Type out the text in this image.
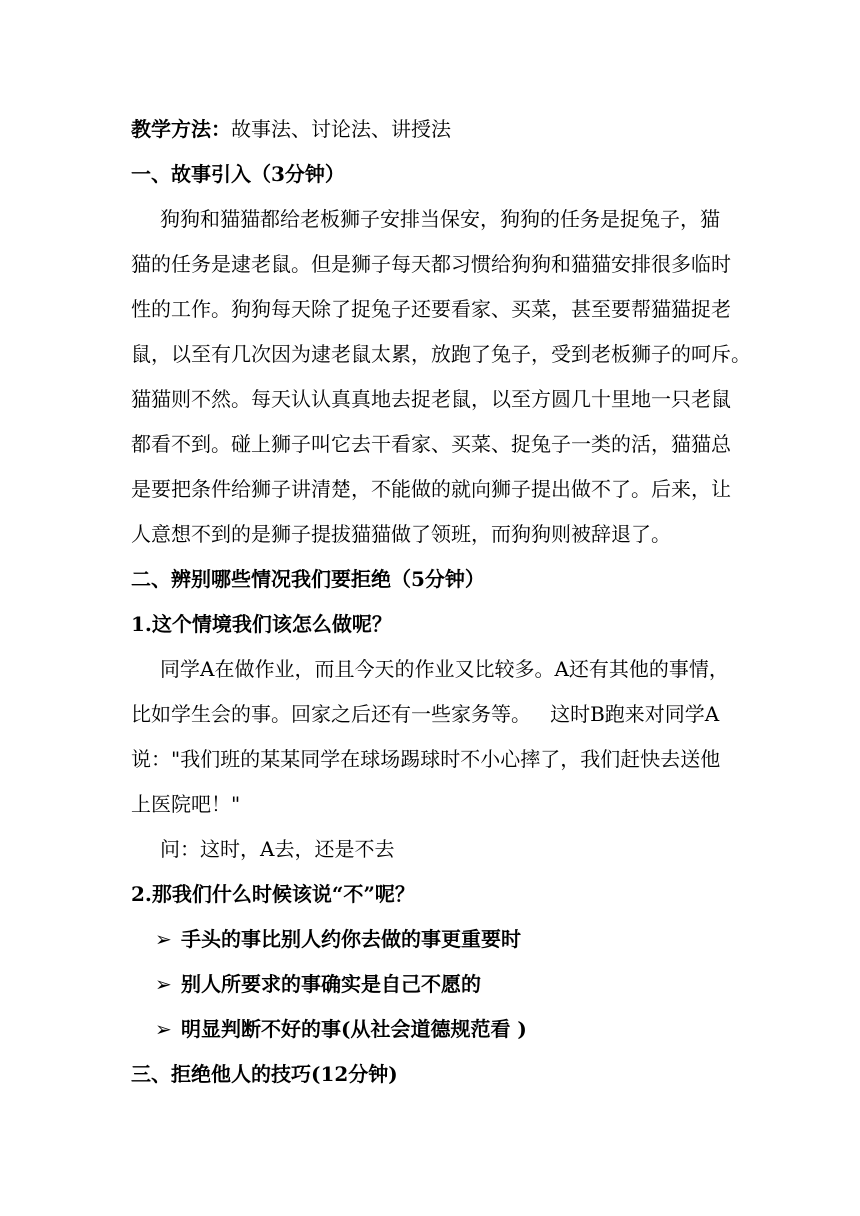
教学方法：故事法、讨论法、讲授法
一、故事引入（3分钟）
狗狗和猫猫都给老板狮子安排当保安，狗狗的任务是捉兔子，猫
猫的任务是逮老鼠。但是狮子每天都习惯给狗狗和猫猫安排很多临时
性的工作。狗狗每天除了捉兔子还要看家、买菜，甚至要帮猫猫捉老
鼠，以至有几次因为逮老鼠太累，放跑了兔子，受到老板狮子的呵斥。
猫猫则不然。每天认认真真地去捉老鼠，以至方圆几十里地一只老鼠
都看不到。碰上狮子叫它去干看家、买菜、捉兔子一类的活，猫猫总
是要把条件给狮子讲清楚，不能做的就向狮子提出做不了。后来，让
人意想不到的是狮子提拔猫猫做了领班，而狗狗则被辞退了。
二、辨别哪些情况我们要拒绝（5分钟）
1.这个情境我们该怎么做呢？
同学A在做作业，而且今天的作业又比较多。A还有其他的事情，
比如学生会的事。回家之后还有一些家务等。   这时B跑来对同学A
说："我们班的某某同学在球场踢球时不小心摔了，我们赶快去送他
上医院吧！"
问：这时，A去，还是不去
2.那我们什么时候该说“不”呢？
➢ 手头的事比别人约你去做的事更重要时
➢ 别人所要求的事确实是自己不愿的
➢ 明显判断不好的事(从社会道德规范看 )
三、拒绝他人的技巧(12分钟)
